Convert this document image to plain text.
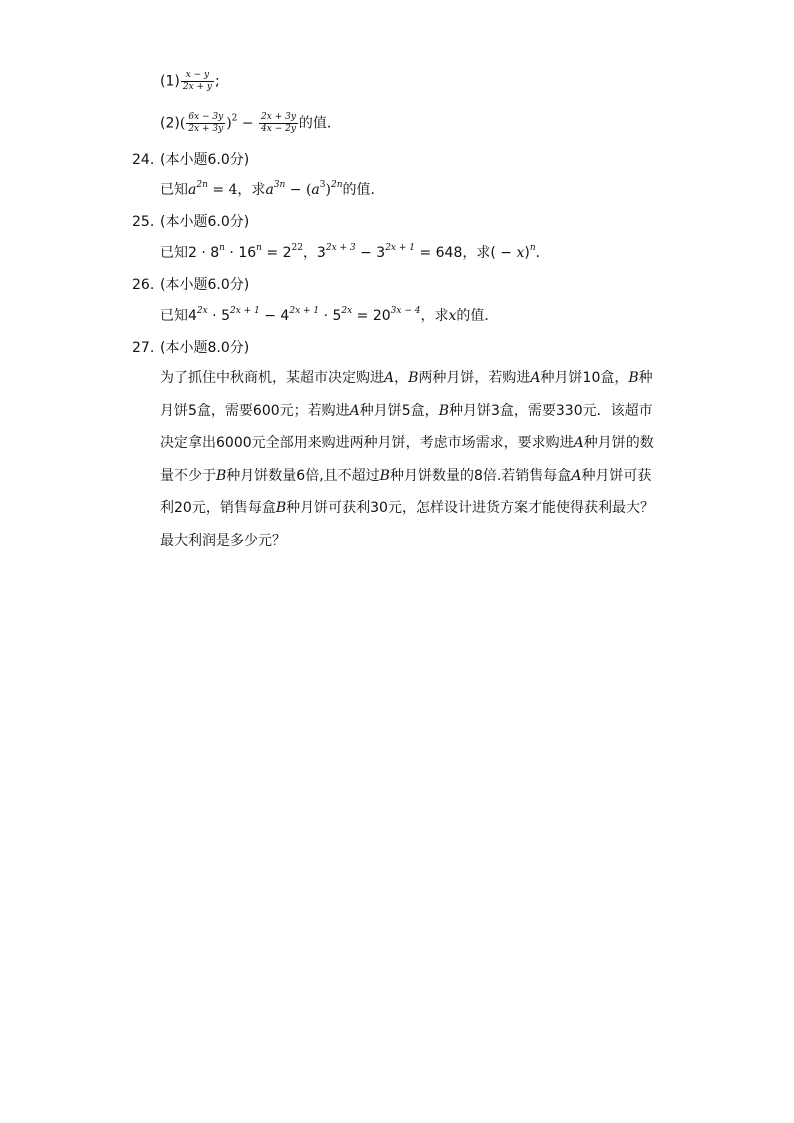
$(1) \frac{x - y}{2x + y}$ ;
$(2)( \frac{6x - 3y}{2x + 3y} )^2 - \frac{2x + 3y}{4x - 2y}$ 的值．
24. (本小题6.0分)
已知$a^{2n} = 4$，求$a^{3n} - (a^3)^{2n}$的值．
25. (本小题6.0分)
已知$2 \cdot 8^n \cdot 16^n = 2^{22}$，$3^{2x + 3} - 3^{2x + 1} = 648$，求( − x)$^n$．
26. (本小题6.0分)
已知$4^{2x} \cdot 5^{2x + 1} - 4^{2x + 1} \cdot 5^{2x} = 20^{3x - 4}$，求x的值．
27. (本小题8.0分)
为了抓住中秋商机，某超市决定购进A，B两种月饼，若购进A种月饼10盒，B种月饼5盒，需要600元；若购进A种月饼5盒，B种月饼3盒，需要330元．该超市决定拿出6000元全部用来购进两种月饼，考虑市场需求，要求购进A种月饼的数量不少于B种月饼数量6倍,且不超过B种月饼数量的8倍.若销售每盒A种月饼可获利20元，销售每盒B种月饼可获利30元，怎样设计进货方案才能使得获利最大？最大利润是多少元？
